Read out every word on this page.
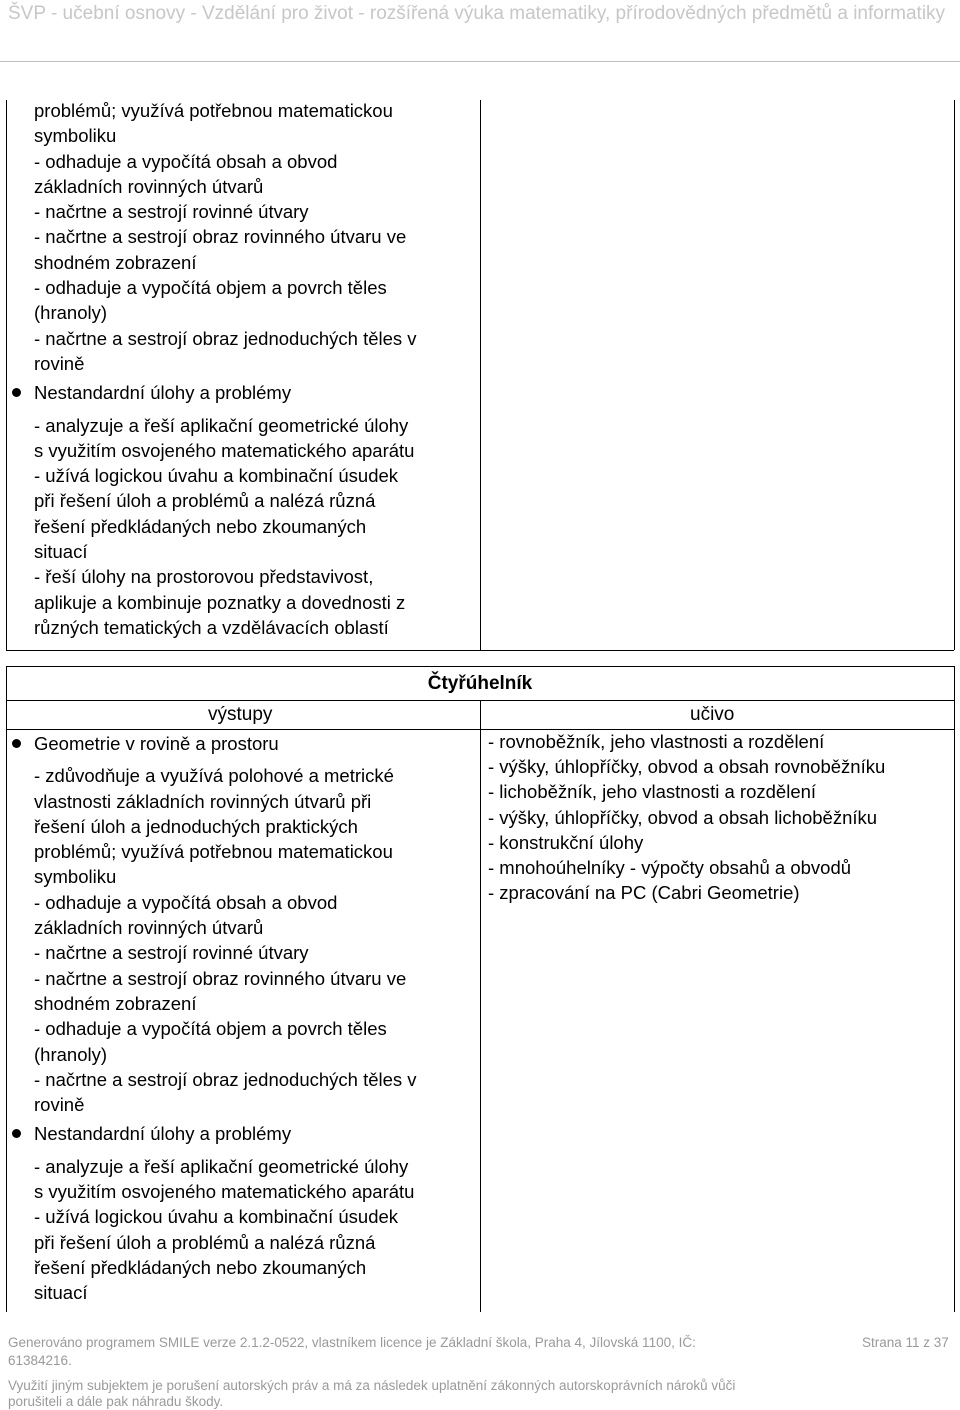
ŠVP - učební osnovy - Vzdělání pro život - rozšířená výuka matematiky, přírodovědných předmětů a informatiky
problémů; využívá potřebnou matematickou
symboliku
- odhaduje a vypočítá obsah a obvod
základních rovinných útvarů
- načrtne a sestrojí rovinné útvary
- načrtne a sestrojí obraz rovinného útvaru ve
shodném zobrazení
- odhaduje a vypočítá objem a povrch těles
(hranoly)
- načrtne a sestrojí obraz jednoduchých těles v
rovině
Nestandardní úlohy a problémy
- analyzuje a řeší aplikační geometrické úlohy
s využitím osvojeného matematického aparátu
- užívá logickou úvahu a kombinační úsudek
při řešení úloh a problémů a nalézá různá
řešení předkládaných nebo zkoumaných
situací
- řeší úlohy na prostorovou představivost,
aplikuje a kombinuje poznatky a dovednosti z
různých tematických a vzdělávacích oblastí
Čtyřúhelník
výstupy	učivo
Geometrie v rovině a prostoru
- zdůvodňuje a využívá polohové a metrické
vlastnosti základních rovinných útvarů při
řešení úloh a jednoduchých praktických
problémů; využívá potřebnou matematickou
symboliku
- odhaduje a vypočítá obsah a obvod
základních rovinných útvarů
- načrtne a sestrojí rovinné útvary
- načrtne a sestrojí obraz rovinného útvaru ve
shodném zobrazení
- odhaduje a vypočítá objem a povrch těles
(hranoly)
- načrtne a sestrojí obraz jednoduchých těles v
rovině
Nestandardní úlohy a problémy
- analyzuje a řeší aplikační geometrické úlohy
s využitím osvojeného matematického aparátu
- užívá logickou úvahu a kombinační úsudek
při řešení úloh a problémů a nalézá různá
řešení předkládaných nebo zkoumaných
situací
- rovnoběžník, jeho vlastnosti a rozdělení
- výšky, úhlopříčky, obvod a obsah rovnoběžníku
- lichoběžník, jeho vlastnosti a rozdělení
- výšky, úhlopříčky, obvod a obsah lichoběžníku
- konstrukční úlohy
- mnohoúhelníky - výpočty obsahů a obvodů
- zpracování na PC (Cabri Geometrie)
Generováno programem SMILE verze 2.1.2-0522, vlastníkem licence je Základní škola, Praha 4, Jílovská 1100, IČ:
61384216.
Strana 11 z 37
Využití jiným subjektem je porušení autorských práv a má za následek uplatnění zákonných autorskoprávních nároků vůči
porušiteli a dále pak náhradu škody.
